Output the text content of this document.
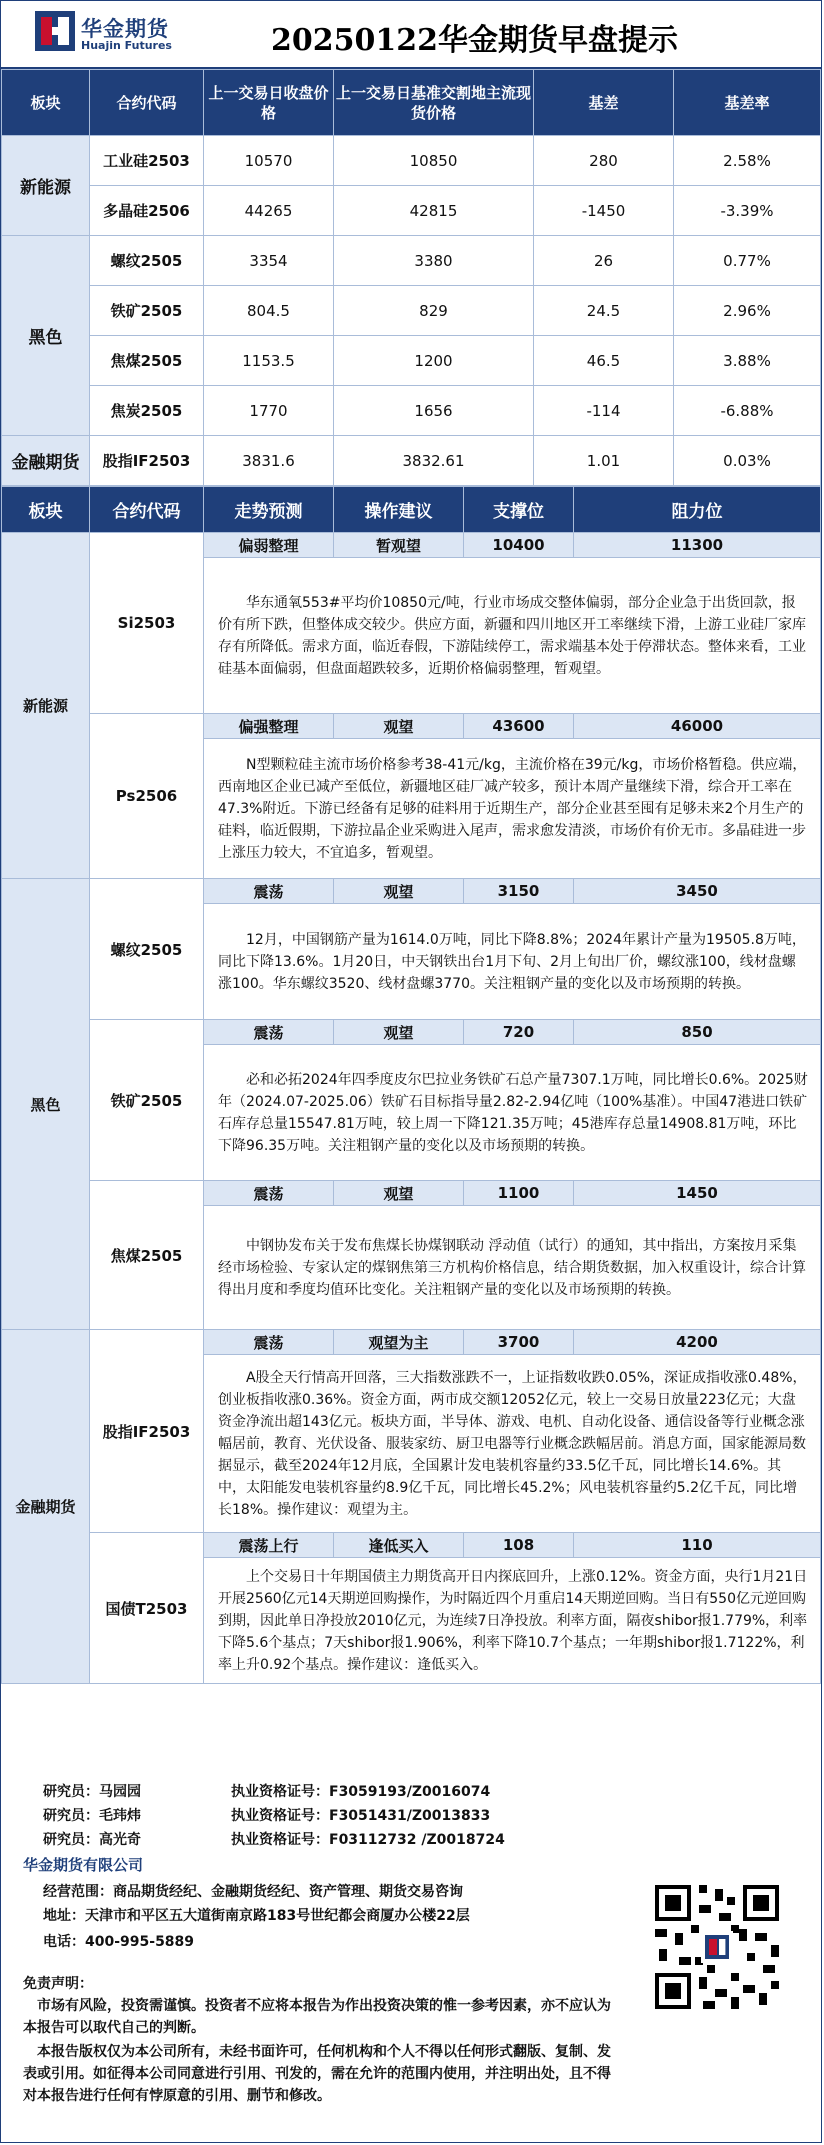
华金期货
Huajin Futures	20250122华金期货早盘提示
板块	合约代码	上一交易日收盘价格	上一交易日基准交割地主流现货价格	基差	基差率
新能源	工业硅2503	10570	10850	280	2.58%
	多晶硅2506	44265	42815	-1450	-3.39%
黑色	螺纹2505	3354	3380	26	0.77%
	铁矿2505	804.5	829	24.5	2.96%
	焦煤2505	1153.5	1200	46.5	3.88%
	焦炭2505	1770	1656	-114	-6.88%
金融期货	股指IF2503	3831.6	3832.61	1.01	0.03%
板块	合约代码	走势预测	操作建议	支撑位	阻力位
新能源	Si2503	偏弱整理	暂观望	10400	11300
		华东通氧553#平均价10850元/吨，行业市场成交整体偏弱，部分企业急于出货回款，报价有所下跌，但整体成交较少。供应方面，新疆和四川地区开工率继续下滑，上游工业硅厂家库存有所降低。需求方面，临近春假，下游陆续停工，需求端基本处于停滞状态。整体来看，工业硅基本面偏弱，但盘面超跌较多，近期价格偏弱整理，暂观望。			
	Ps2506	偏强整理	观望	43600	46000
		N型颗粒硅主流市场价格参考38-41元/kg，主流价格在39元/kg，市场价格暂稳。供应端，西南地区企业已减产至低位，新疆地区硅厂减产较多，预计本周产量继续下滑，综合开工率在47.3%附近。下游已经备有足够的硅料用于近期生产，部分企业甚至囤有足够未来2个月生产的硅料，临近假期，下游拉晶企业采购进入尾声，需求愈发清淡，市场价有价无市。多晶硅进一步上涨压力较大，不宜追多，暂观望。			
黑色	螺纹2505	震荡	观望	3150	3450
		12月，中国钢筋产量为1614.0万吨，同比下降8.8%；2024年累计产量为19505.8万吨，同比下降13.6%。1月20日，中天钢铁出台1月下旬、2月上旬出厂价，螺纹涨100，线材盘螺涨100。华东螺纹3520、线材盘螺3770。关注粗钢产量的变化以及市场预期的转换。			
	铁矿2505	震荡	观望	720	850
		必和必拓2024年四季度皮尔巴拉业务铁矿石总产量7307.1万吨，同比增长0.6%。2025财年（2024.07-2025.06）铁矿石目标指导量2.82-2.94亿吨（100%基准）。中国47港进口铁矿石库存总量15547.81万吨，较上周一下降121.35万吨；45港库存总量14908.81万吨，环比下降96.35万吨。关注粗钢产量的变化以及市场预期的转换。			
	焦煤2505	震荡	观望	1100	1450
		中钢协发布关于发布焦煤长协煤钢联动 浮动值（试行）的通知，其中指出，方案按月采集经市场检验、专家认定的煤钢焦第三方机构价格信息，结合期货数据，加入权重设计，综合计算得出月度和季度均值环比变化。关注粗钢产量的变化以及市场预期的转换。			
金融期货	股指IF2503	震荡	观望为主	3700	4200
		A股全天行情高开回落，三大指数涨跌不一，上证指数收跌0.05%，深证成指收涨0.48%，创业板指收涨0.36%。资金方面，两市成交额12052亿元，较上一交易日放量223亿元；大盘资金净流出超143亿元。板块方面，半导体、游戏、电机、自动化设备、通信设备等行业概念涨幅居前，教育、光伏设备、服装家纺、厨卫电器等行业概念跌幅居前。消息方面，国家能源局数据显示，截至2024年12月底，全国累计发电装机容量约33.5亿千瓦，同比增长14.6%。其中，太阳能发电装机容量约8.9亿千瓦，同比增长45.2%；风电装机容量约5.2亿千瓦，同比增长18%。操作建议：观望为主。			
	国债T2503	震荡上行	逢低买入	108	110
		上个交易日十年期国债主力期货高开日内探底回升，上涨0.12%。资金方面，央行1月21日开展2560亿元14天期逆回购操作，为时隔近四个月重启14天期逆回购。当日有550亿元逆回购到期，因此单日净投放2010亿元，为连续7日净投放。利率方面，隔夜shibor报1.779%，利率下降5.6个基点；7天shibor报1.906%，利率下降10.7个基点；一年期shibor报1.7122%，利率上升0.92个基点。操作建议：逢低买入。			
研究员：马园园	执业资格证号：F3059193/Z0016074
研究员：毛玮炜	执业资格证号：F3051431/Z0013833
研究员：高光奇	执业资格证号：F03112732 /Z0018724
华金期货有限公司
经营范围：商品期货经纪、金融期货经纪、资产管理、期货交易咨询
地址：天津市和平区五大道街南京路183号世纪都会商厦办公楼22层
电话：400-995-5889
免责声明：
市场有风险，投资需谨慎。投资者不应将本报告为作出投资决策的惟一参考因素，亦不应认为本报告可以取代自己的判断。
本报告版权仅为本公司所有，未经书面许可，任何机构和个人不得以任何形式翻版、复制、发表或引用。如征得本公司同意进行引用、刊发的，需在允许的范围内使用，并注明出处，且不得对本报告进行任何有悖原意的引用、删节和修改。
